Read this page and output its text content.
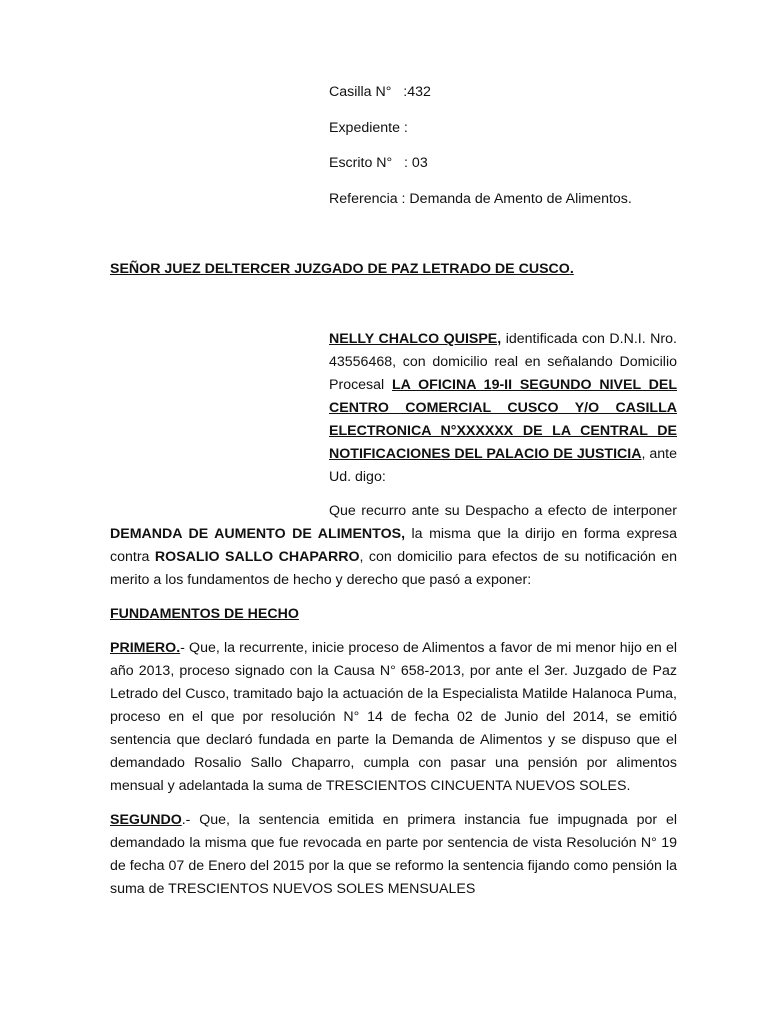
Casilla N°   :432
Expediente :
Escrito N°   : 03
Referencia : Demanda de Amento de Alimentos.
SEÑOR JUEZ DELTERCER JUZGADO DE PAZ LETRADO DE CUSCO.
NELLY CHALCO QUISPE, identificada con D.N.I. Nro. 43556468, con domicilio real en señalando Domicilio Procesal LA OFICINA 19-II SEGUNDO NIVEL DEL CENTRO COMERCIAL CUSCO Y/O CASILLA ELECTRONICA N°XXXXXX DE LA CENTRAL DE NOTIFICACIONES DEL PALACIO DE JUSTICIA, ante Ud. digo:

Que recurro ante su Despacho a efecto de interponer DEMANDA DE AUMENTO DE ALIMENTOS, la misma que la dirijo en forma expresa contra ROSALIO SALLO CHAPARRO, con domicilio para efectos de su notificación en merito a los fundamentos de hecho y derecho que pasó a exponer:

FUNDAMENTOS DE HECHO

PRIMERO.- Que, la recurrente, inicie proceso de Alimentos a favor de mi menor hijo en el año 2013, proceso signado con la Causa N° 658-2013, por ante el 3er. Juzgado de Paz Letrado del Cusco, tramitado bajo la actuación de la Especialista Matilde Halanoca Puma, proceso en el que por resolución N° 14 de fecha 02 de Junio del 2014, se emitió sentencia que declaró fundada en parte la Demanda de Alimentos y se dispuso que el demandado Rosalio Sallo Chaparro, cumpla con pasar una pensión por alimentos mensual y adelantada la suma de TRESCIENTOS CINCUENTA NUEVOS SOLES.

SEGUNDO.- Que, la sentencia emitida en primera instancia fue impugnada por el demandado la misma que fue revocada en parte por sentencia de vista Resolución N° 19 de fecha 07 de Enero del 2015 por la que se reformo la sentencia fijando como pensión la suma de TRESCIENTOS NUEVOS SOLES MENSUALES
